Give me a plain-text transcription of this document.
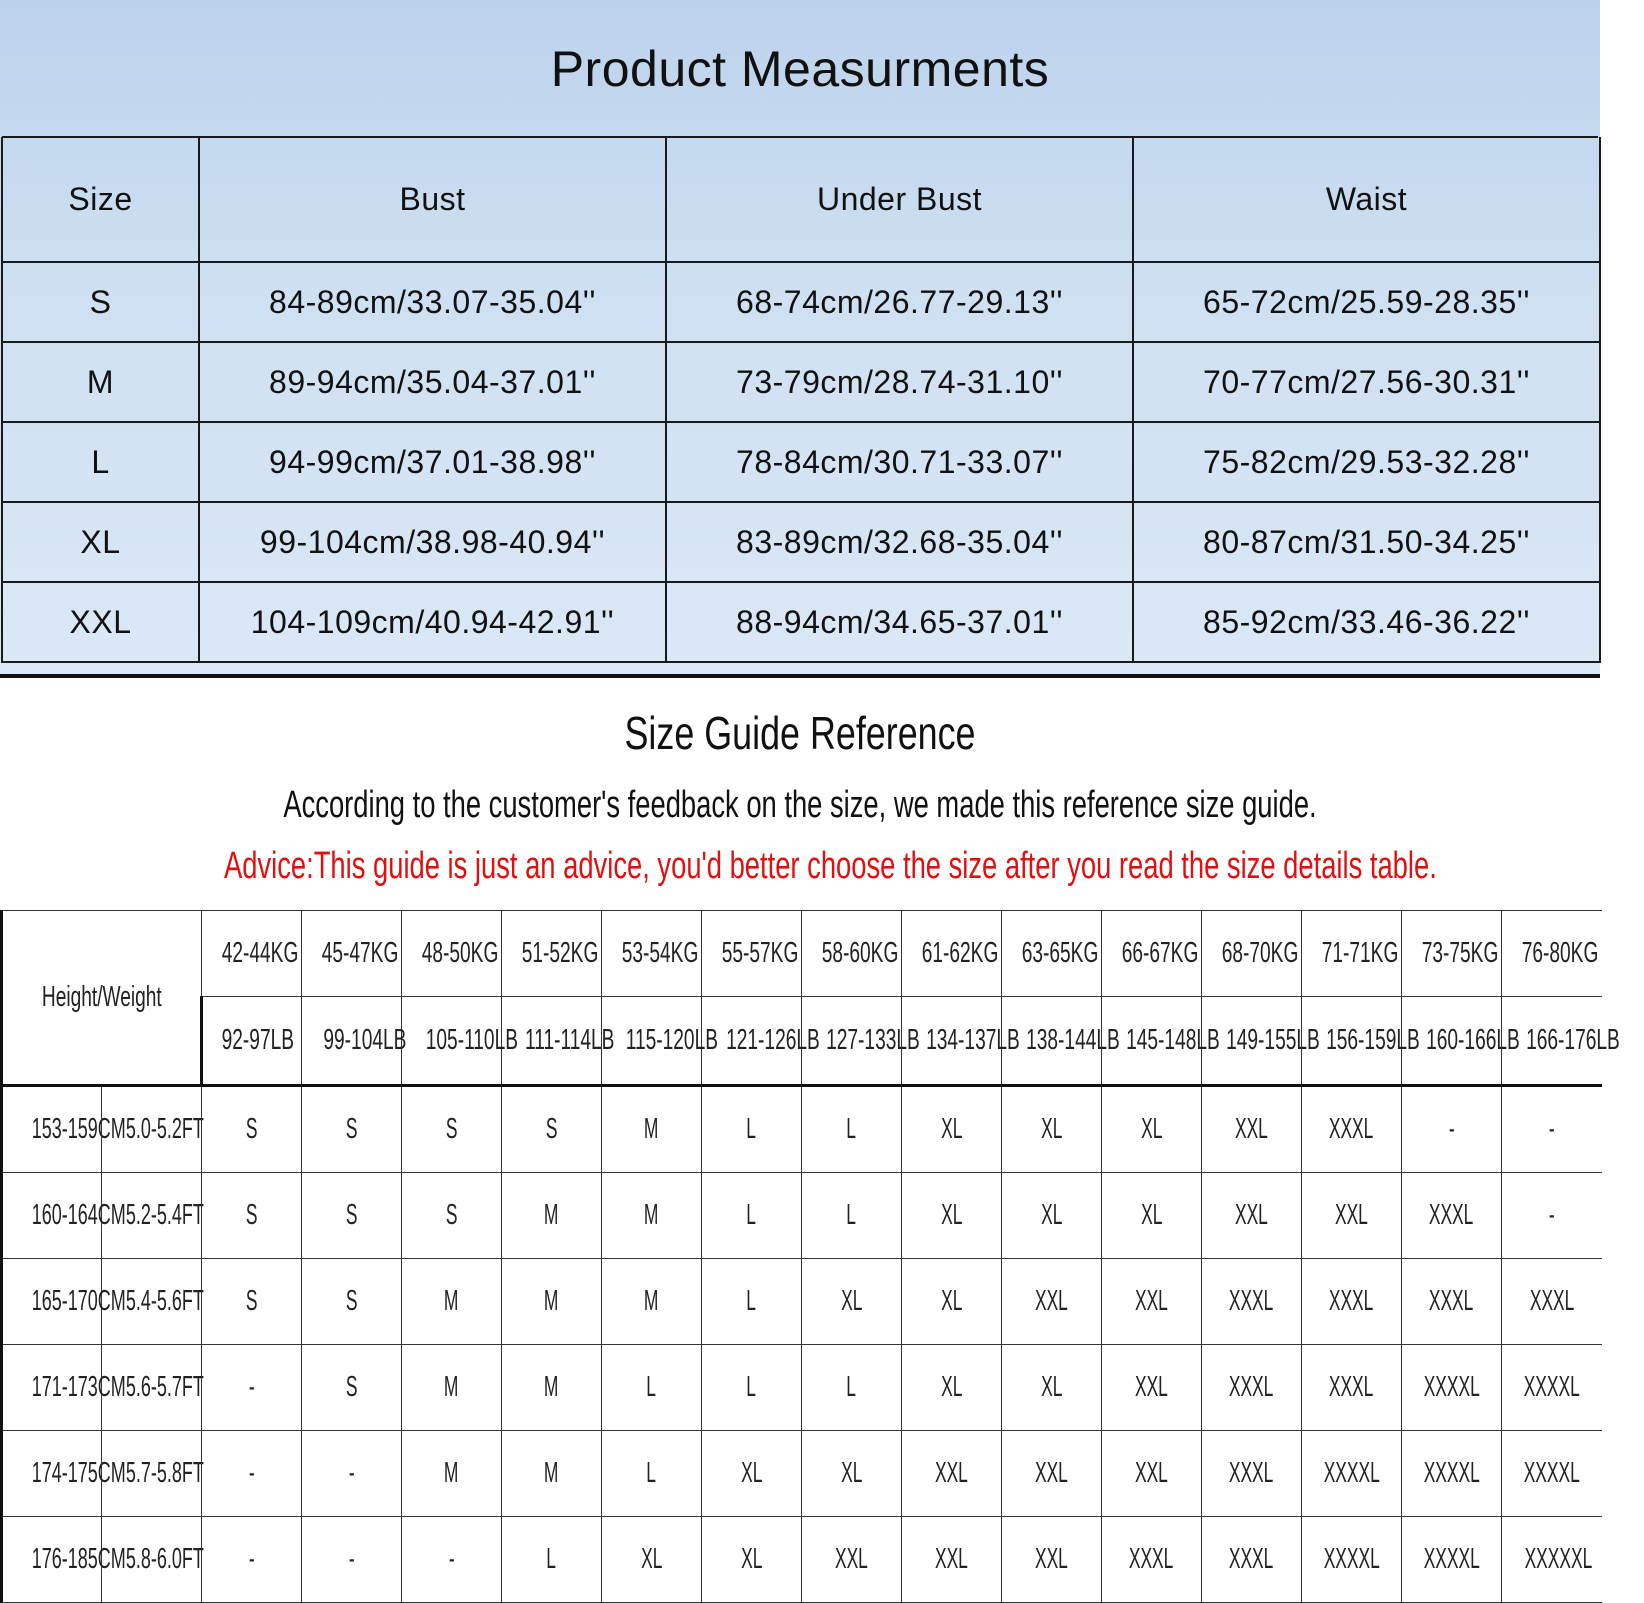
Product Measurments
Size	Bust	Under Bust	Waist
S	84-89cm/33.07-35.04''	68-74cm/26.77-29.13''	65-72cm/25.59-28.35''
M	89-94cm/35.04-37.01''	73-79cm/28.74-31.10''	70-77cm/27.56-30.31''
L	94-99cm/37.01-38.98''	78-84cm/30.71-33.07''	75-82cm/29.53-32.28''
XL	99-104cm/38.98-40.94''	83-89cm/32.68-35.04''	80-87cm/31.50-34.25''
XXL	104-109cm/40.94-42.91''	88-94cm/34.65-37.01''	85-92cm/33.46-36.22''
Size Guide Reference
According to the customer's feedback on the size, we made this reference size guide.
Advice:This guide is just an advice, you'd better choose the size after you read the size details table.
Height/Weight		42-44KG	45-47KG	48-50KG	51-52KG	53-54KG	55-57KG	58-60KG	61-62KG	63-65KG	66-67KG	68-70KG	71-71KG	73-75KG	76-80KG
		92-97LB	99-104LB	105-110LB	111-114LB	115-120LB	121-126LB	127-133LB	134-137LB	138-144LB	145-148LB	149-155LB	156-159LB	160-166LB	166-176LB
153-159CM	5.0-5.2FT	S	S	S	S	M	L	L	XL	XL	XL	XXL	XXXL	-	-
160-164CM	5.2-5.4FT	S	S	S	M	M	L	L	XL	XL	XL	XXL	XXL	XXXL	-
165-170CM	5.4-5.6FT	S	S	M	M	M	L	XL	XL	XXL	XXL	XXXL	XXXL	XXXL	XXXL
171-173CM	5.6-5.7FT	-	S	M	M	L	L	L	XL	XL	XXL	XXXL	XXXL	XXXXL	XXXXL
174-175CM	5.7-5.8FT	-	-	M	M	L	XL	XL	XXL	XXL	XXL	XXXL	XXXXL	XXXXL	XXXXL
176-185CM	5.8-6.0FT	-	-	-	L	XL	XL	XXL	XXL	XXL	XXXL	XXXL	XXXXL	XXXXL	XXXXXL
